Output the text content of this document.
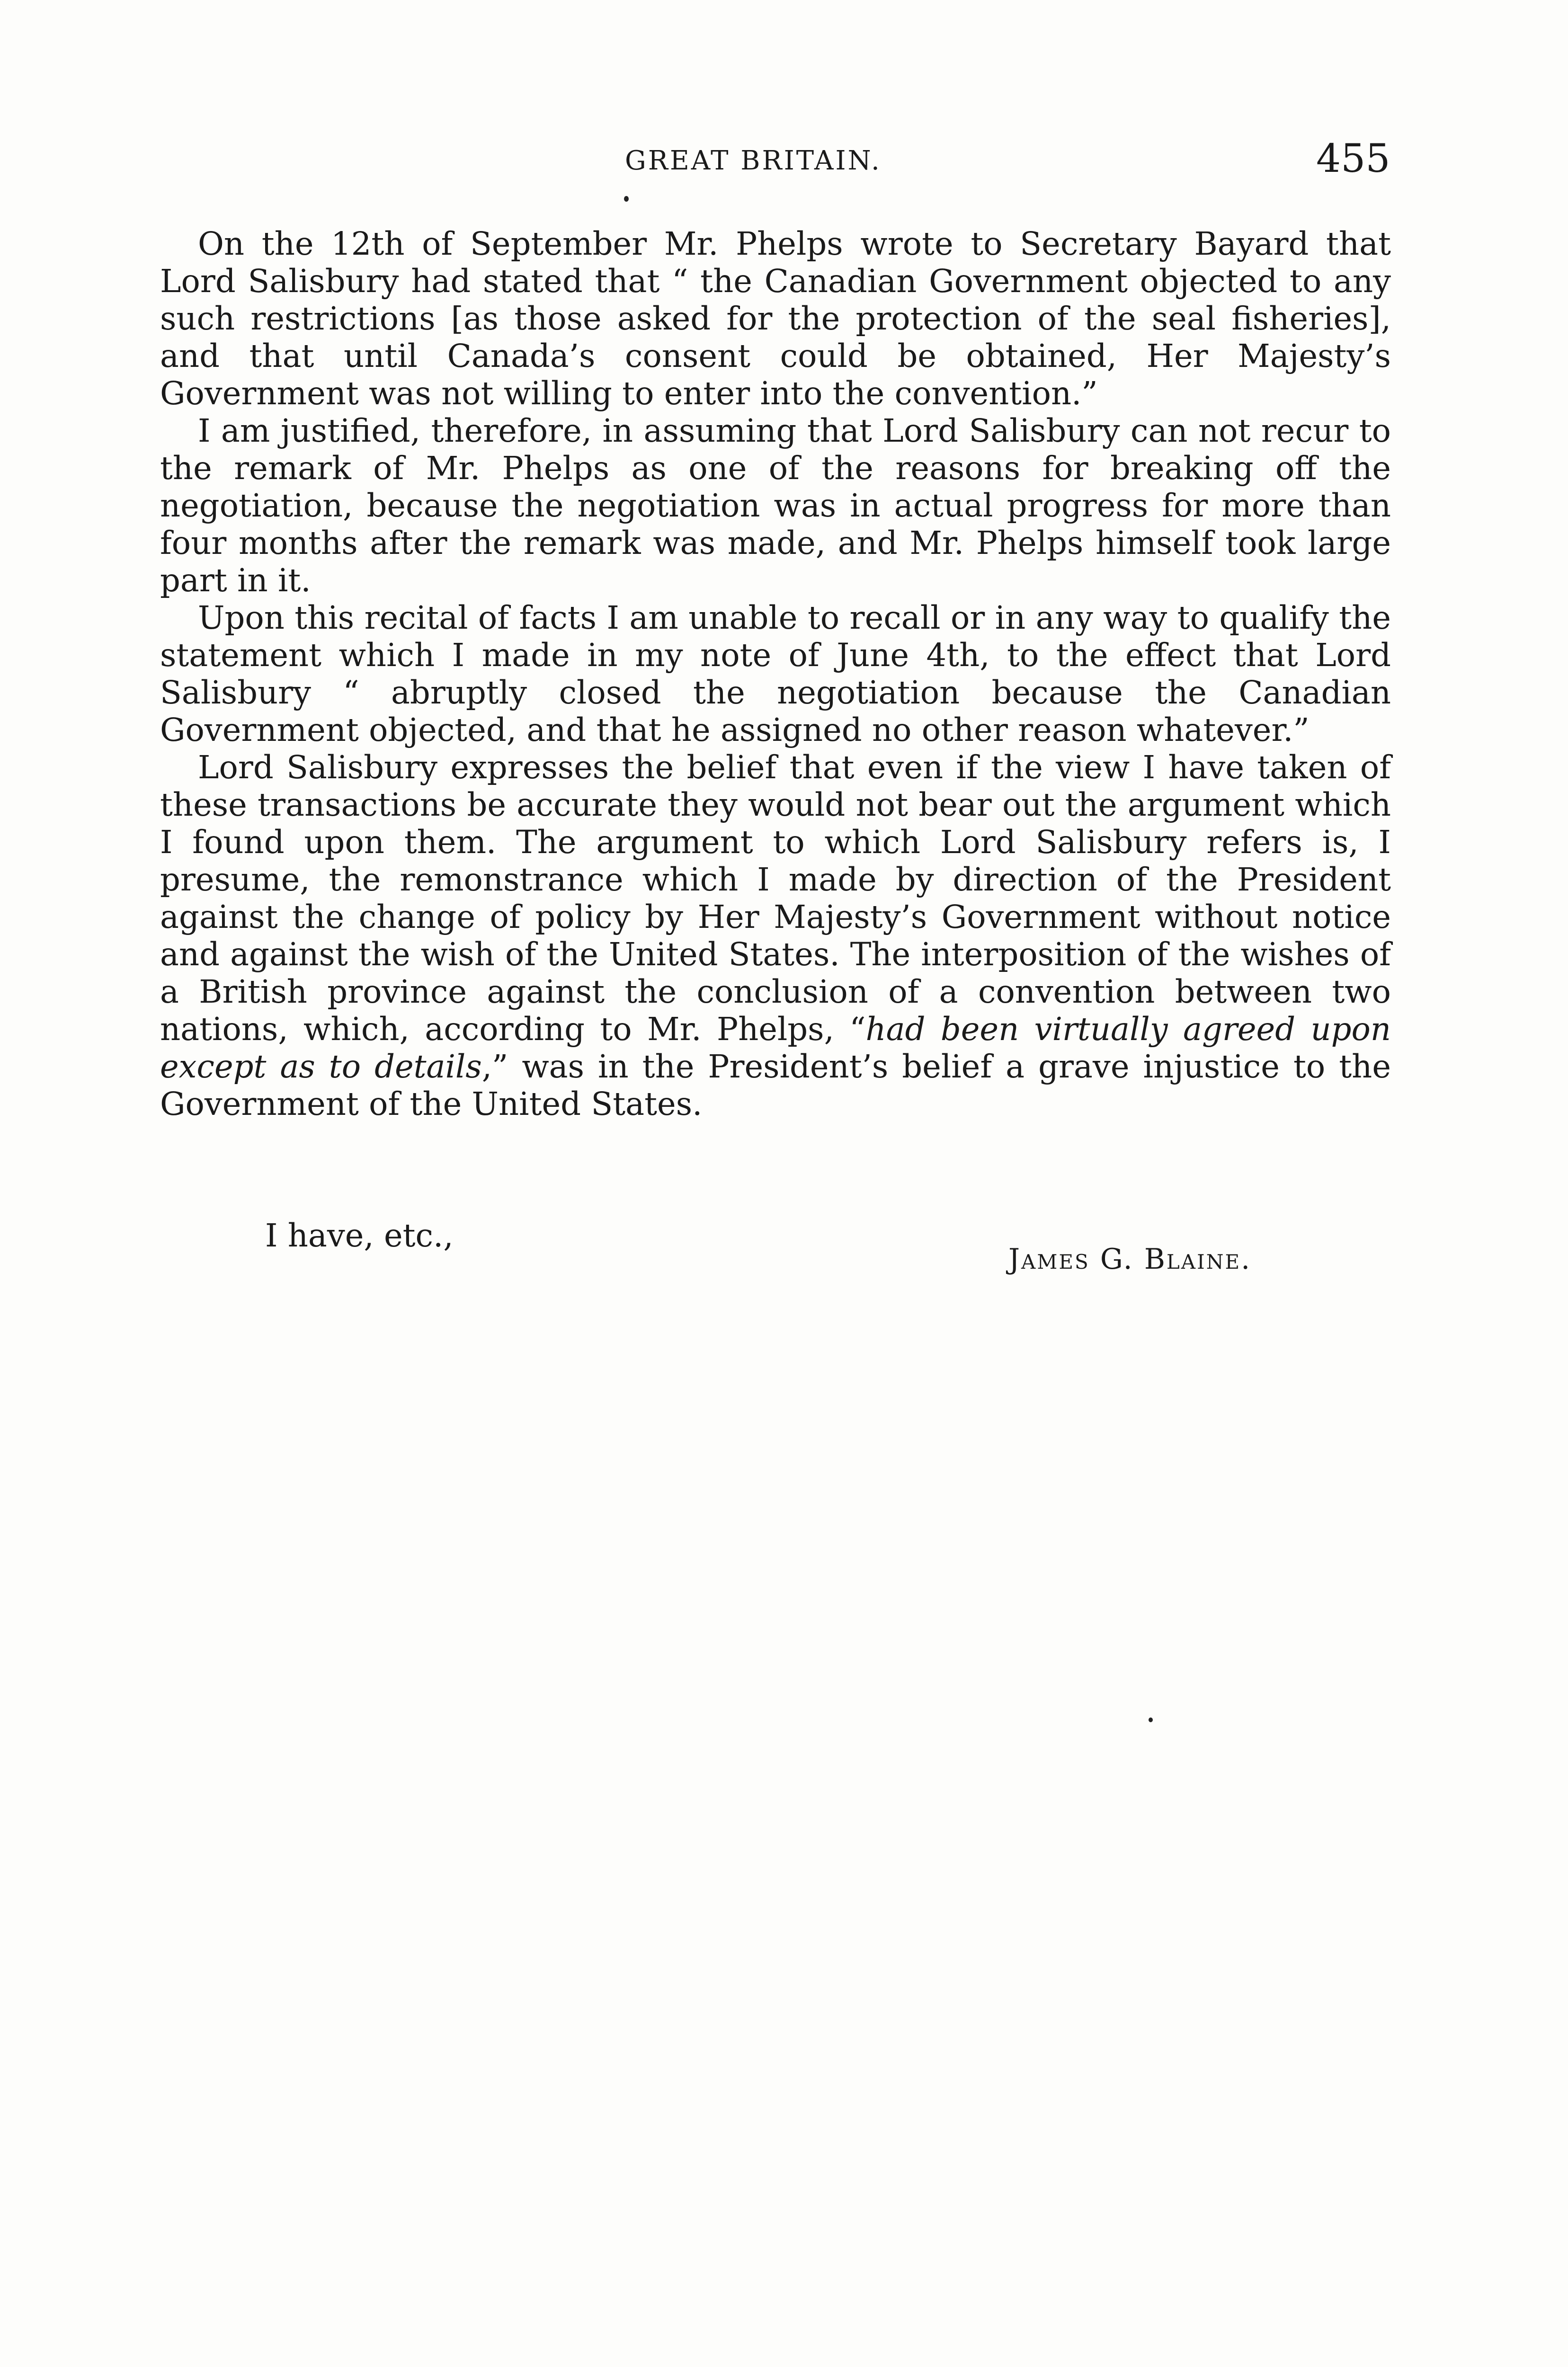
GREAT BRITAIN.	455

On the 12th of September Mr. Phelps wrote to Secretary Bayard that Lord Salisbury had stated that “ the Canadian Government objected to any such restrictions [as those asked for the protection of the seal fisheries], and that until Canada’s consent could be obtained, Her Majesty’s Government was not willing to enter into the convention.”

I am justified, therefore, in assuming that Lord Salisbury can not recur to the remark of Mr. Phelps as one of the reasons for breaking off the negotiation, because the negotiation was in actual progress for more than four months after the remark was made, and Mr. Phelps himself took large part in it.

Upon this recital of facts I am unable to recall or in any way to qualify the statement which I made in my note of June 4th, to the effect that Lord Salisbury “ abruptly closed the negotiation because the Canadian Government objected, and that he assigned no other reason whatever.”

Lord Salisbury expresses the belief that even if the view I have taken of these transactions be accurate they would not bear out the argument which I found upon them. The argument to which Lord Salisbury refers is, I presume, the remonstrance which I made by direction of the President against the change of policy by Her Majesty’s Government without notice and against the wish of the United States. The interposition of the wishes of a British province against the conclusion of a convention between two nations, which, according to Mr. Phelps, “had been virtually agreed upon except as to details,” was in the President’s belief a grave injustice to the Government of the United States.

I have, etc.,
James G. Blaine.
